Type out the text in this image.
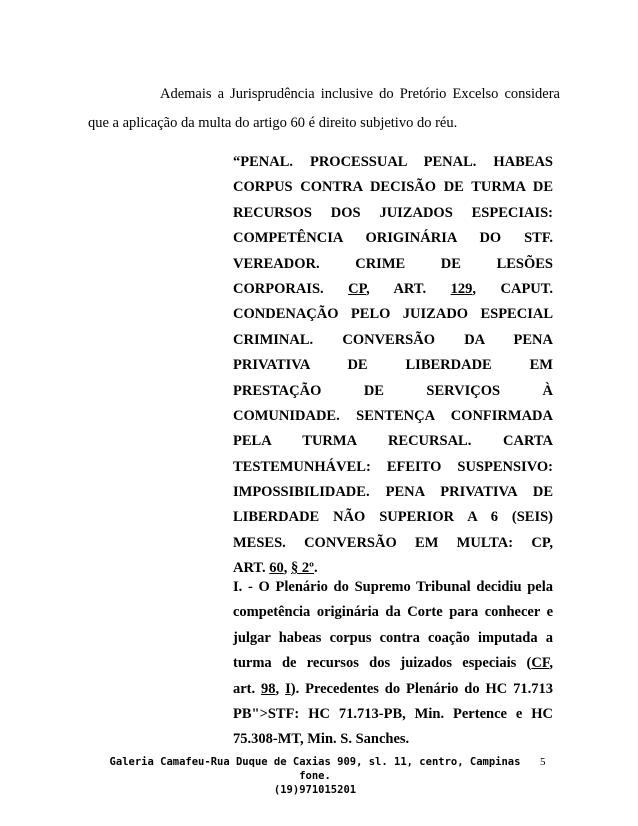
Ademais a Jurisprudência inclusive do Pretório Excelso considera
que a aplicação da multa do artigo 60 é direito subjetivo do réu.
“PENAL. PROCESSUAL PENAL. HABEAS
CORPUS CONTRA DECISÃO DE TURMA DE
RECURSOS DOS JUIZADOS ESPECIAIS:
COMPETÊNCIA ORIGINÁRIA DO STF.
VEREADOR. CRIME DE LESÕES
CORPORAIS. CP, ART. 129, CAPUT.
CONDENAÇÃO PELO JUIZADO ESPECIAL
CRIMINAL. CONVERSÃO DA PENA
PRIVATIVA DE LIBERDADE EM
PRESTAÇÃO DE SERVIÇOS À
COMUNIDADE. SENTENÇA CONFIRMADA
PELA TURMA RECURSAL. CARTA
TESTEMUNHÁVEL: EFEITO SUSPENSIVO:
IMPOSSIBILIDADE. PENA PRIVATIVA DE
LIBERDADE NÃO SUPERIOR A 6 (SEIS)
MESES. CONVERSÃO EM MULTA: CP,
ART. 60, § 2º.
I. - O Plenário do Supremo Tribunal decidiu pela
competência originária da Corte para conhecer e
julgar habeas corpus contra coação imputada a
turma de recursos dos juizados especiais (CF,
art. 98, I). Precedentes do Plenário do HC 71.713
PB">STF: HC 71.713-PB, Min. Pertence e HC
75.308-MT, Min. S. Sanches.
Galeria Camafeu-Rua Duque de Caxias 909, sl. 11, centro, Campinas fone.
(19)971015201
5
